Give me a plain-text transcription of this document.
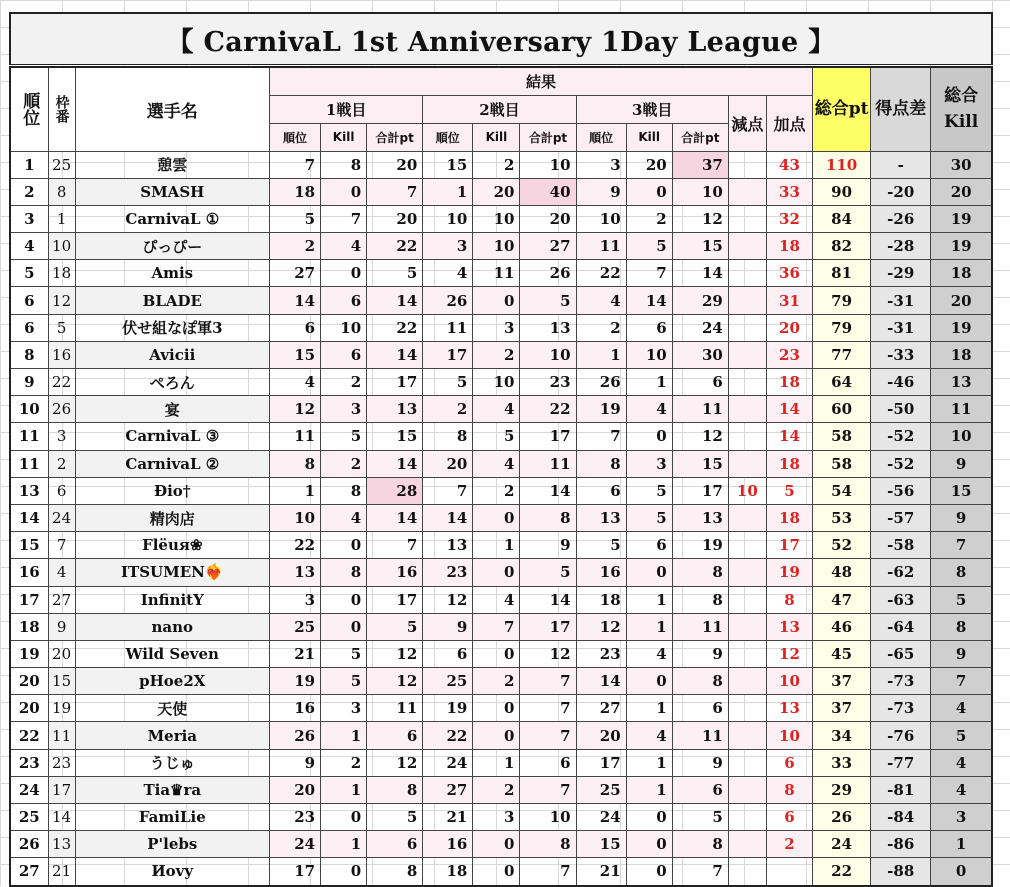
【 CarnivaL 1st Anniversary 1Day League 】
順位	枠番	選手名	結果											総合pt	得点差	総合Kill
			1戦目			2戦目			3戦目			減点	加点			
			順位	Kill	合計pt	順位	Kill	合計pt	順位	Kill	合計pt					
1	25	憩雲	7	8	20	15	2	10	3	20	37		43	110	-	30
2	8	SMASH	18	0	7	1	20	40	9	0	10		33	90	-20	20
3	1	CarnivaL ①	5	7	20	10	10	20	10	2	12		32	84	-26	19
4	10	ぴっぴー	2	4	22	3	10	27	11	5	15		18	82	-28	19
5	18	Amis	27	0	5	4	11	26	22	7	14		36	81	-29	18
6	12	BLADE	14	6	14	26	0	5	4	14	29		31	79	-31	20
6	5	伏せ組なぽ軍3	6	10	22	11	3	13	2	6	24		20	79	-31	19
8	16	Avicii	15	6	14	17	2	10	1	10	30		23	77	-33	18
9	22	ぺろん	4	2	17	5	10	23	26	1	6		18	64	-46	13
10	26	宴	12	3	13	2	4	22	19	4	11		14	60	-50	11
11	3	CarnivaL ③	11	5	15	8	5	17	7	0	12		14	58	-52	10
11	2	CarnivaL ②	8	2	14	20	4	11	8	3	15		18	58	-52	9
13	6	Ðio†	1	8	28	7	2	14	6	5	17	10	5	54	-56	15
14	24	精肉店	10	4	14	14	0	8	13	5	13		18	53	-57	9
15	7	Flëuя❀	22	0	7	13	1	9	5	6	19		17	52	-58	7
16	4	ITSUMEN❤️‍🔥	13	8	16	23	0	5	16	0	8		19	48	-62	8
17	27	InfinitY	3	0	17	12	4	14	18	1	8		8	47	-63	5
18	9	nano	25	0	5	9	7	17	12	1	11		13	46	-64	8
19	20	Wild Seven	21	5	12	6	0	12	23	4	9		12	45	-65	9
20	15	pHoe2X	19	5	12	25	2	7	14	0	8		10	37	-73	7
20	19	天使	16	3	11	19	0	7	27	1	6		13	37	-73	4
22	11	Meria	26	1	6	22	0	7	20	4	11		10	34	-76	5
23	23	うじゅ	9	2	12	24	1	6	17	1	9		6	33	-77	4
24	17	Tia♛ra	20	1	8	27	2	7	25	1	6		8	29	-81	4
25	14	FamiLie	23	0	5	21	3	10	24	0	5		6	26	-84	3
26	13	P'lebs	24	1	6	16	0	8	15	0	8		2	24	-86	1
27	21	Иovy	17	0	8	18	0	7	21	0	7			22	-88	0
